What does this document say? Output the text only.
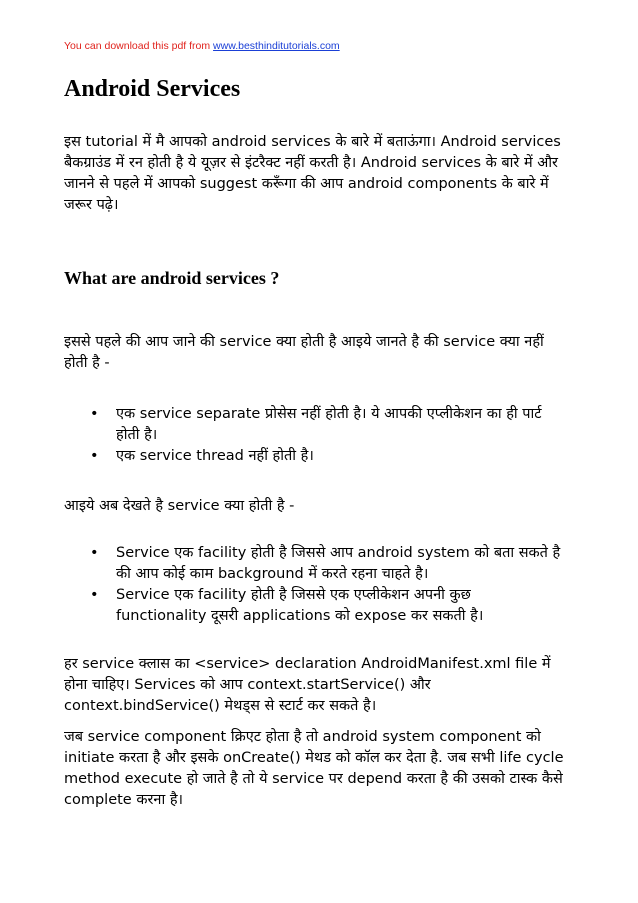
You can download this pdf from www.besthinditutorials.com
Android Services

इस tutorial में मै आपको android services के बारे में बताऊंगा। Android services बैकग्राउंड में रन होती है ये यूज़र से इंटरैक्ट नहीं करती है। Android services के बारे में और जानने से पहले में आपको suggest करूँगा की आप android components के बारे में जरूर पढ़े।

What are android services ?

इससे पहले की आप जाने की service क्या होती है आइये जानते है की service क्या नहीं होती है -

• एक service separate प्रोसेस नहीं होती है। ये आपकी एप्लीकेशन का ही पार्ट होती है।
• एक service thread नहीं होती है।

आइये अब देखते है service क्या होती है -

• Service एक facility होती है जिससे आप android system को बता सकते है की आप कोई काम background में करते रहना चाहते है।
• Service एक facility होती है जिससे एक एप्लीकेशन अपनी कुछ functionality दूसरी applications को expose कर सकती है।

हर service क्लास का <service> declaration AndroidManifest.xml file में होना चाहिए। Services को आप context.startService() और context.bindService() मेथड्स से स्टार्ट कर सकते है।

जब service component क्रिएट होता है तो android system component को initiate करता है और इसके onCreate() मेथड को कॉल कर देता है. जब सभी life cycle method execute हो जाते है तो ये service पर depend करता है की उसको टास्क कैसे complete करना है।
